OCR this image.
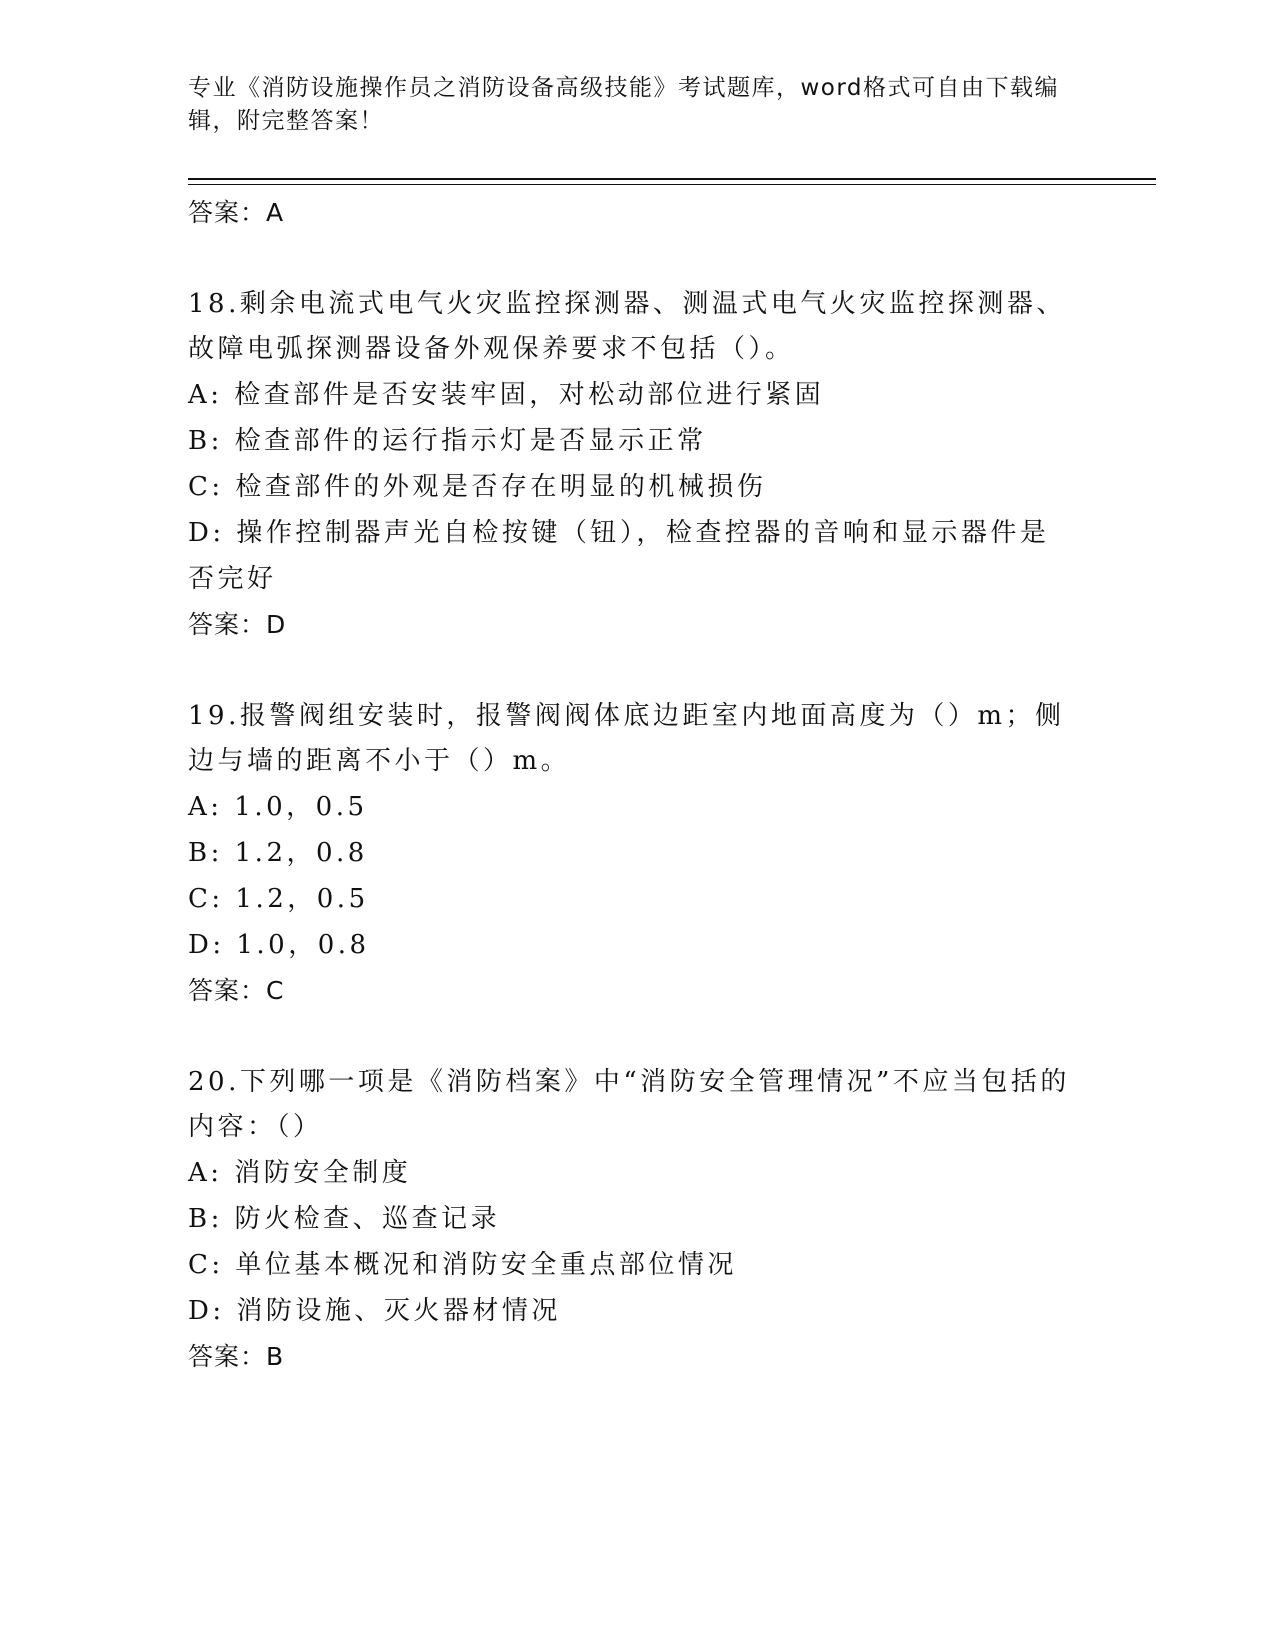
专业《消防设施操作员之消防设备高级技能》考试题库，word格式可自由下载编辑，附完整答案！
答案：A
18.剩余电流式电气火灾监控探测器、测温式电气火灾监控探测器、故障电弧探测器设备外观保养要求不包括（）。
A: 检查部件是否安装牢固，对松动部位进行紧固
B: 检查部件的运行指示灯是否显示正常
C: 检查部件的外观是否存在明显的机械损伤
D: 操作控制器声光自检按键（钮），检查控器的音响和显示器件是否完好
答案：D
19.报警阀组安装时，报警阀阀体底边距室内地面高度为（）m；侧边与墙的距离不小于（）m。
A: 1.0，0.5
B: 1.2，0.8
C: 1.2，0.5
D: 1.0，0.8
答案：C
20.下列哪一项是《消防档案》中“消防安全管理情况”不应当包括的内容：（）
A: 消防安全制度
B: 防火检查、巡查记录
C: 单位基本概况和消防安全重点部位情况
D: 消防设施、灭火器材情况
答案：B
